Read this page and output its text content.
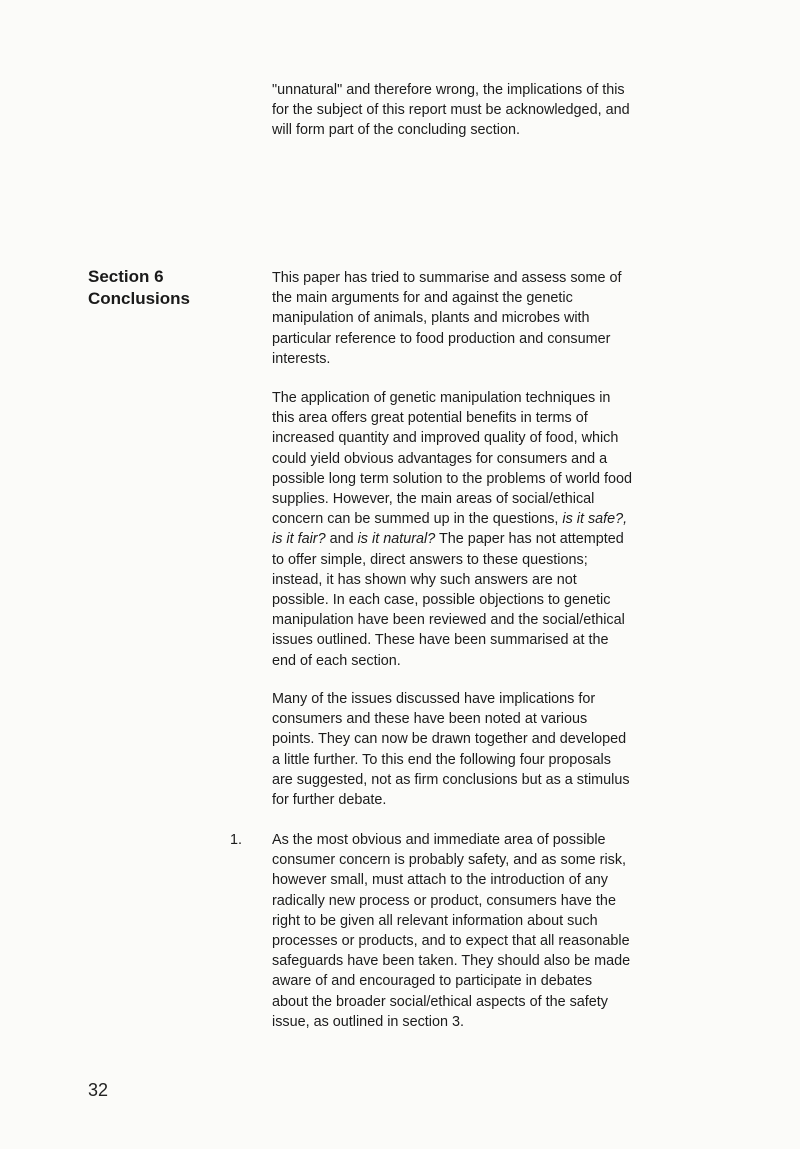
Section 6
Conclusions

"unnatural" and therefore wrong, the implications of this for the subject of this report must be acknowledged, and will form part of the concluding section.

This paper has tried to summarise and assess some of the main arguments for and against the genetic manipulation of animals, plants and microbes with particular reference to food production and consumer interests.

The application of genetic manipulation techniques in this area offers great potential benefits in terms of increased quantity and improved quality of food, which could yield obvious advantages for consumers and a possible long term solution to the problems of world food supplies. However, the main areas of social/ethical concern can be summed up in the questions, is it safe?, is it fair? and is it natural? The paper has not attempted to offer simple, direct answers to these questions; instead, it has shown why such answers are not possible. In each case, possible objections to genetic manipulation have been reviewed and the social/ethical issues outlined. These have been summarised at the end of each section.

Many of the issues discussed have implications for consumers and these have been noted at various points. They can now be drawn together and developed a little further. To this end the following four proposals are suggested, not as firm conclusions but as a stimulus for further debate.

1. As the most obvious and immediate area of possible consumer concern is probably safety, and as some risk, however small, must attach to the introduction of any radically new process or product, consumers have the right to be given all relevant information about such processes or products, and to expect that all reasonable safeguards have been taken. They should also be made aware of and encouraged to participate in debates about the broader social/ethical aspects of the safety issue, as outlined in section 3.

32
